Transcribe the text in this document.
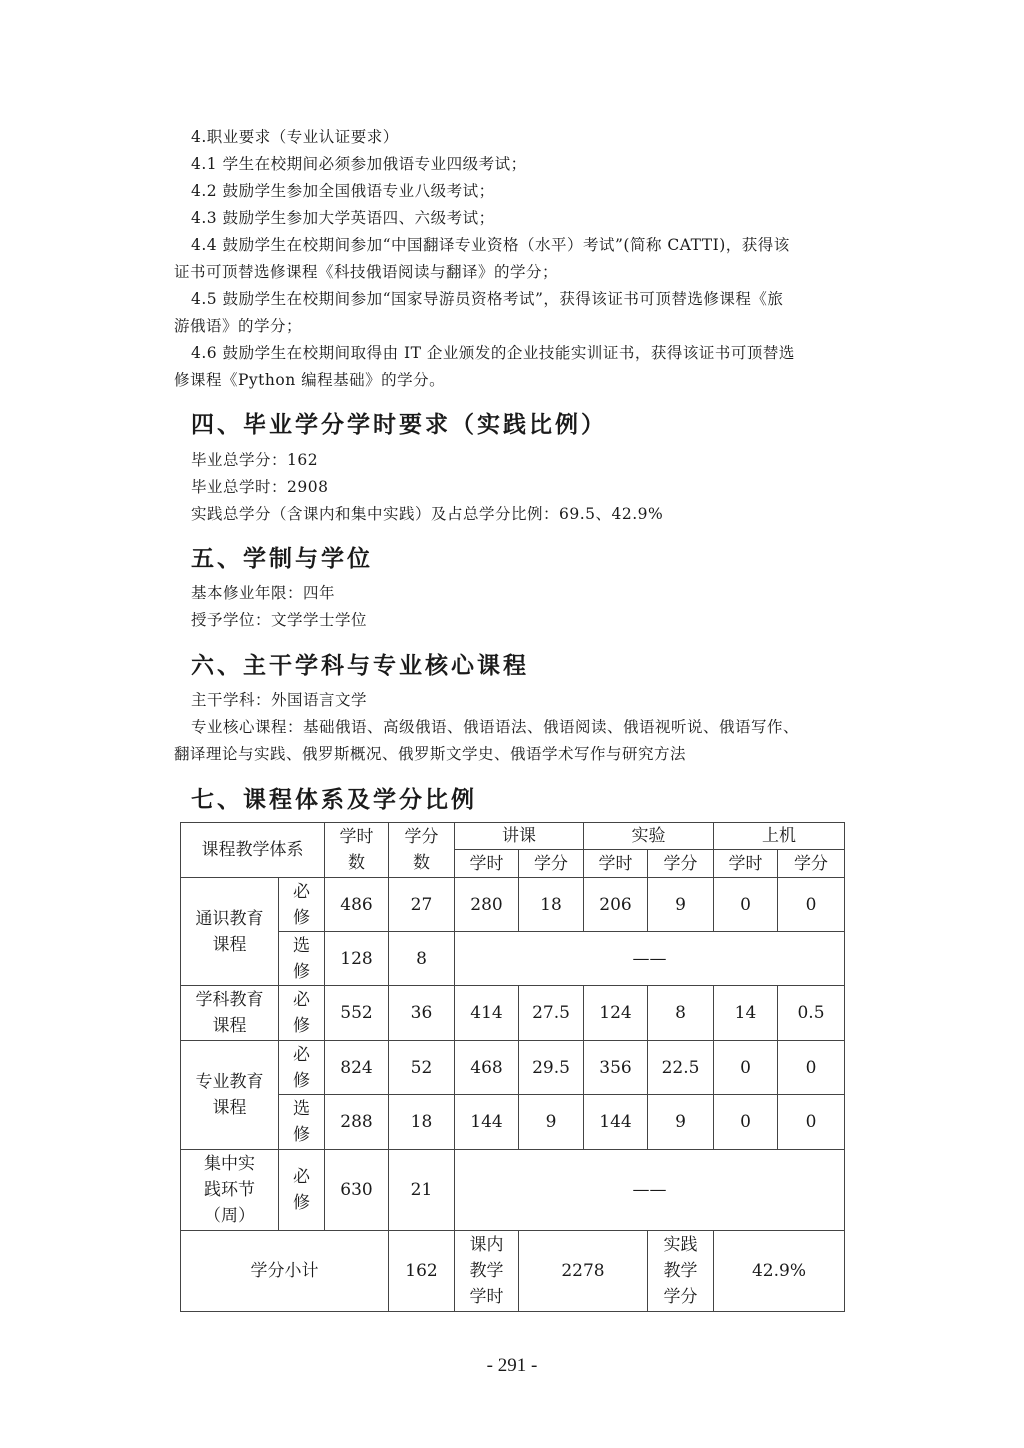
4.职业要求（专业认证要求）
4.1 学生在校期间必须参加俄语专业四级考试；
4.2 鼓励学生参加全国俄语专业八级考试；
4.3 鼓励学生参加大学英语四、六级考试；
4.4 鼓励学生在校期间参加“中国翻译专业资格（水平）考试”(简称 CATTI)，获得该
证书可顶替选修课程《科技俄语阅读与翻译》的学分；
4.5 鼓励学生在校期间参加“国家导游员资格考试”，获得该证书可顶替选修课程《旅
游俄语》的学分；
4.6 鼓励学生在校期间取得由 IT 企业颁发的企业技能实训证书，获得该证书可顶替选
修课程《Python 编程基础》的学分。
四、毕业学分学时要求（实践比例）
毕业总学分：162
毕业总学时：2908
实践总学分（含课内和集中实践）及占总学分比例：69.5、42.9%
五、学制与学位
基本修业年限：四年
授予学位：文学学士学位
六、主干学科与专业核心课程
主干学科：外国语言文学
专业核心课程：基础俄语、高级俄语、俄语语法、俄语阅读、俄语视听说、俄语写作、
翻译理论与实践、俄罗斯概况、俄罗斯文学史、俄语学术写作与研究方法
七、课程体系及学分比例
课程教学体系		学时数	学分数	讲课		实验		上机	
				学时	学分	学时	学分	学时	学分

通识教育课程	必修	486	27	280	18	206	9	0	0

	选修	128	8	——					

学科教育课程	必修	552	36	414	27.5	124	8	14	0.5

专业教育课程	必修	824	52	468	29.5	356	22.5	0	0

	选修	288	18	144	9	144	9	0	0

集中实践环节（周）	必修	630	21	——					
学分小计			162	课内教学学时	2278		实践教学学分	42.9%	
- 291 -
